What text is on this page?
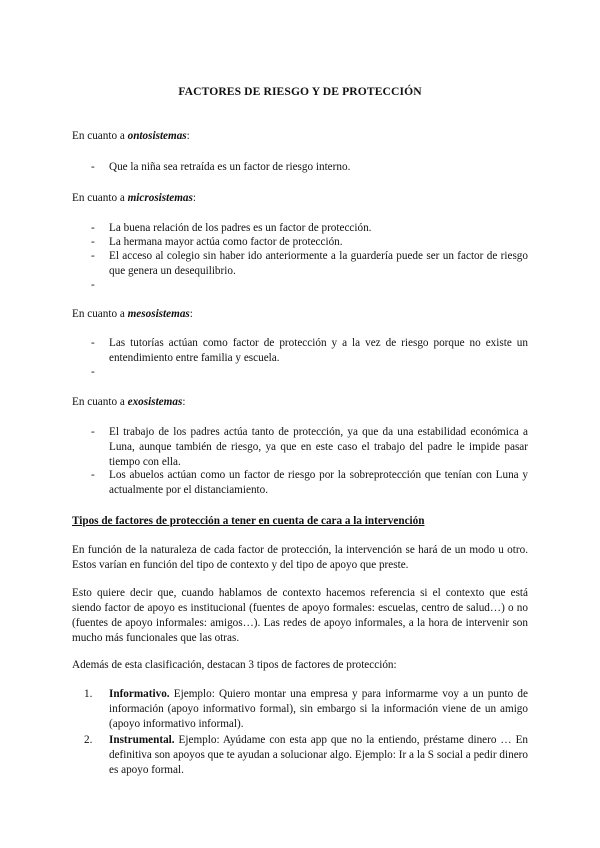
FACTORES DE RIESGO Y DE PROTECCIÓN

En cuanto a ontosistemas:

- Que la niña sea retraída es un factor de riesgo interno.

En cuanto a microsistemas:

- La buena relación de los padres es un factor de protección.
- La hermana mayor actúa como factor de protección.
- El acceso al colegio sin haber ido anteriormente a la guardería puede ser un factor de riesgo que genera un desequilibrio.
-

En cuanto a mesosistemas:

- Las tutorías actúan como factor de protección y a la vez de riesgo porque no existe un entendimiento entre familia y escuela.
-

En cuanto a exosistemas:

- El trabajo de los padres actúa tanto de protección, ya que da una estabilidad económica a Luna, aunque también de riesgo, ya que en este caso el trabajo del padre le impide pasar tiempo con ella.
- Los abuelos actúan como un factor de riesgo por la sobreprotección que tenían con Luna y actualmente por el distanciamiento.

Tipos de factores de protección a tener en cuenta de cara a la intervención

En función de la naturaleza de cada factor de protección, la intervención se hará de un modo u otro. Estos varían en función del tipo de contexto y del tipo de apoyo que preste.

Esto quiere decir que, cuando hablamos de contexto hacemos referencia si el contexto que está siendo factor de apoyo es institucional (fuentes de apoyo formales: escuelas, centro de salud…) o no (fuentes de apoyo informales: amigos…). Las redes de apoyo informales, a la hora de intervenir son mucho más funcionales que las otras.

Además de esta clasificación, destacan 3 tipos de factores de protección:

1. Informativo. Ejemplo: Quiero montar una empresa y para informarme voy a un punto de información (apoyo informativo formal), sin embargo si la información viene de un amigo (apoyo informativo informal).
2. Instrumental. Ejemplo: Ayúdame con esta app que no la entiendo, préstame dinero … En definitiva son apoyos que te ayudan a solucionar algo. Ejemplo: Ir a la S social a pedir dinero es apoyo formal.
